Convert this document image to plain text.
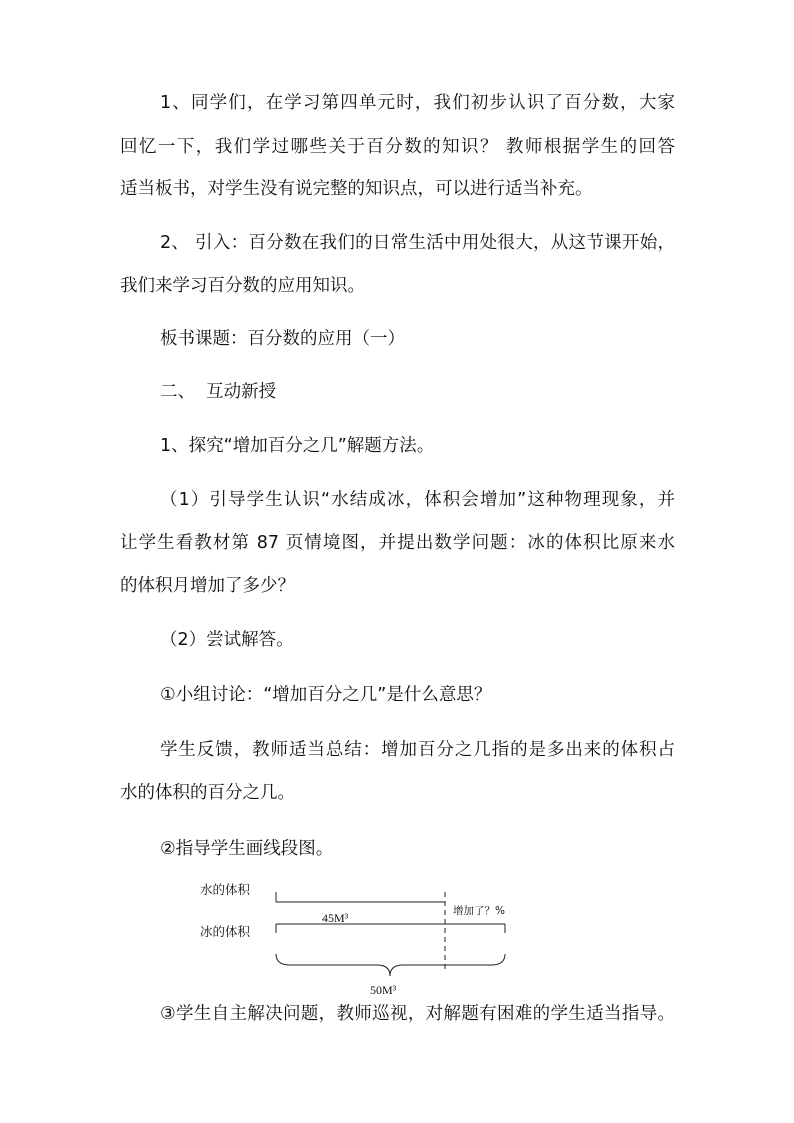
1、同学们，在学习第四单元时，我们初步认识了百分数，大家
回忆一下，我们学过哪些关于百分数的知识？ 教师根据学生的回答
适当板书，对学生没有说完整的知识点，可以进行适当补充。
2、 引入：百分数在我们的日常生活中用处很大，从这节课开始，
我们来学习百分数的应用知识。
板书课题：百分数的应用（一）
二、  互动新授
1、探究“增加百分之几”解题方法。
（1）引导学生认识“水结成冰，体积会增加”这种物理现象，并
让学生看教材第 87 页情境图，并提出数学问题：冰的体积比原来水
的体积月增加了多少？
（2）尝试解答。
①小组讨论：“增加百分之几”是什么意思？
学生反馈，教师适当总结：增加百分之几指的是多出来的体积占
水的体积的百分之几。
②指导学生画线段图。
水的体积
冰的体积
45M³	增加了？%
50M³
③学生自主解决问题，教师巡视，对解题有困难的学生适当指导。
